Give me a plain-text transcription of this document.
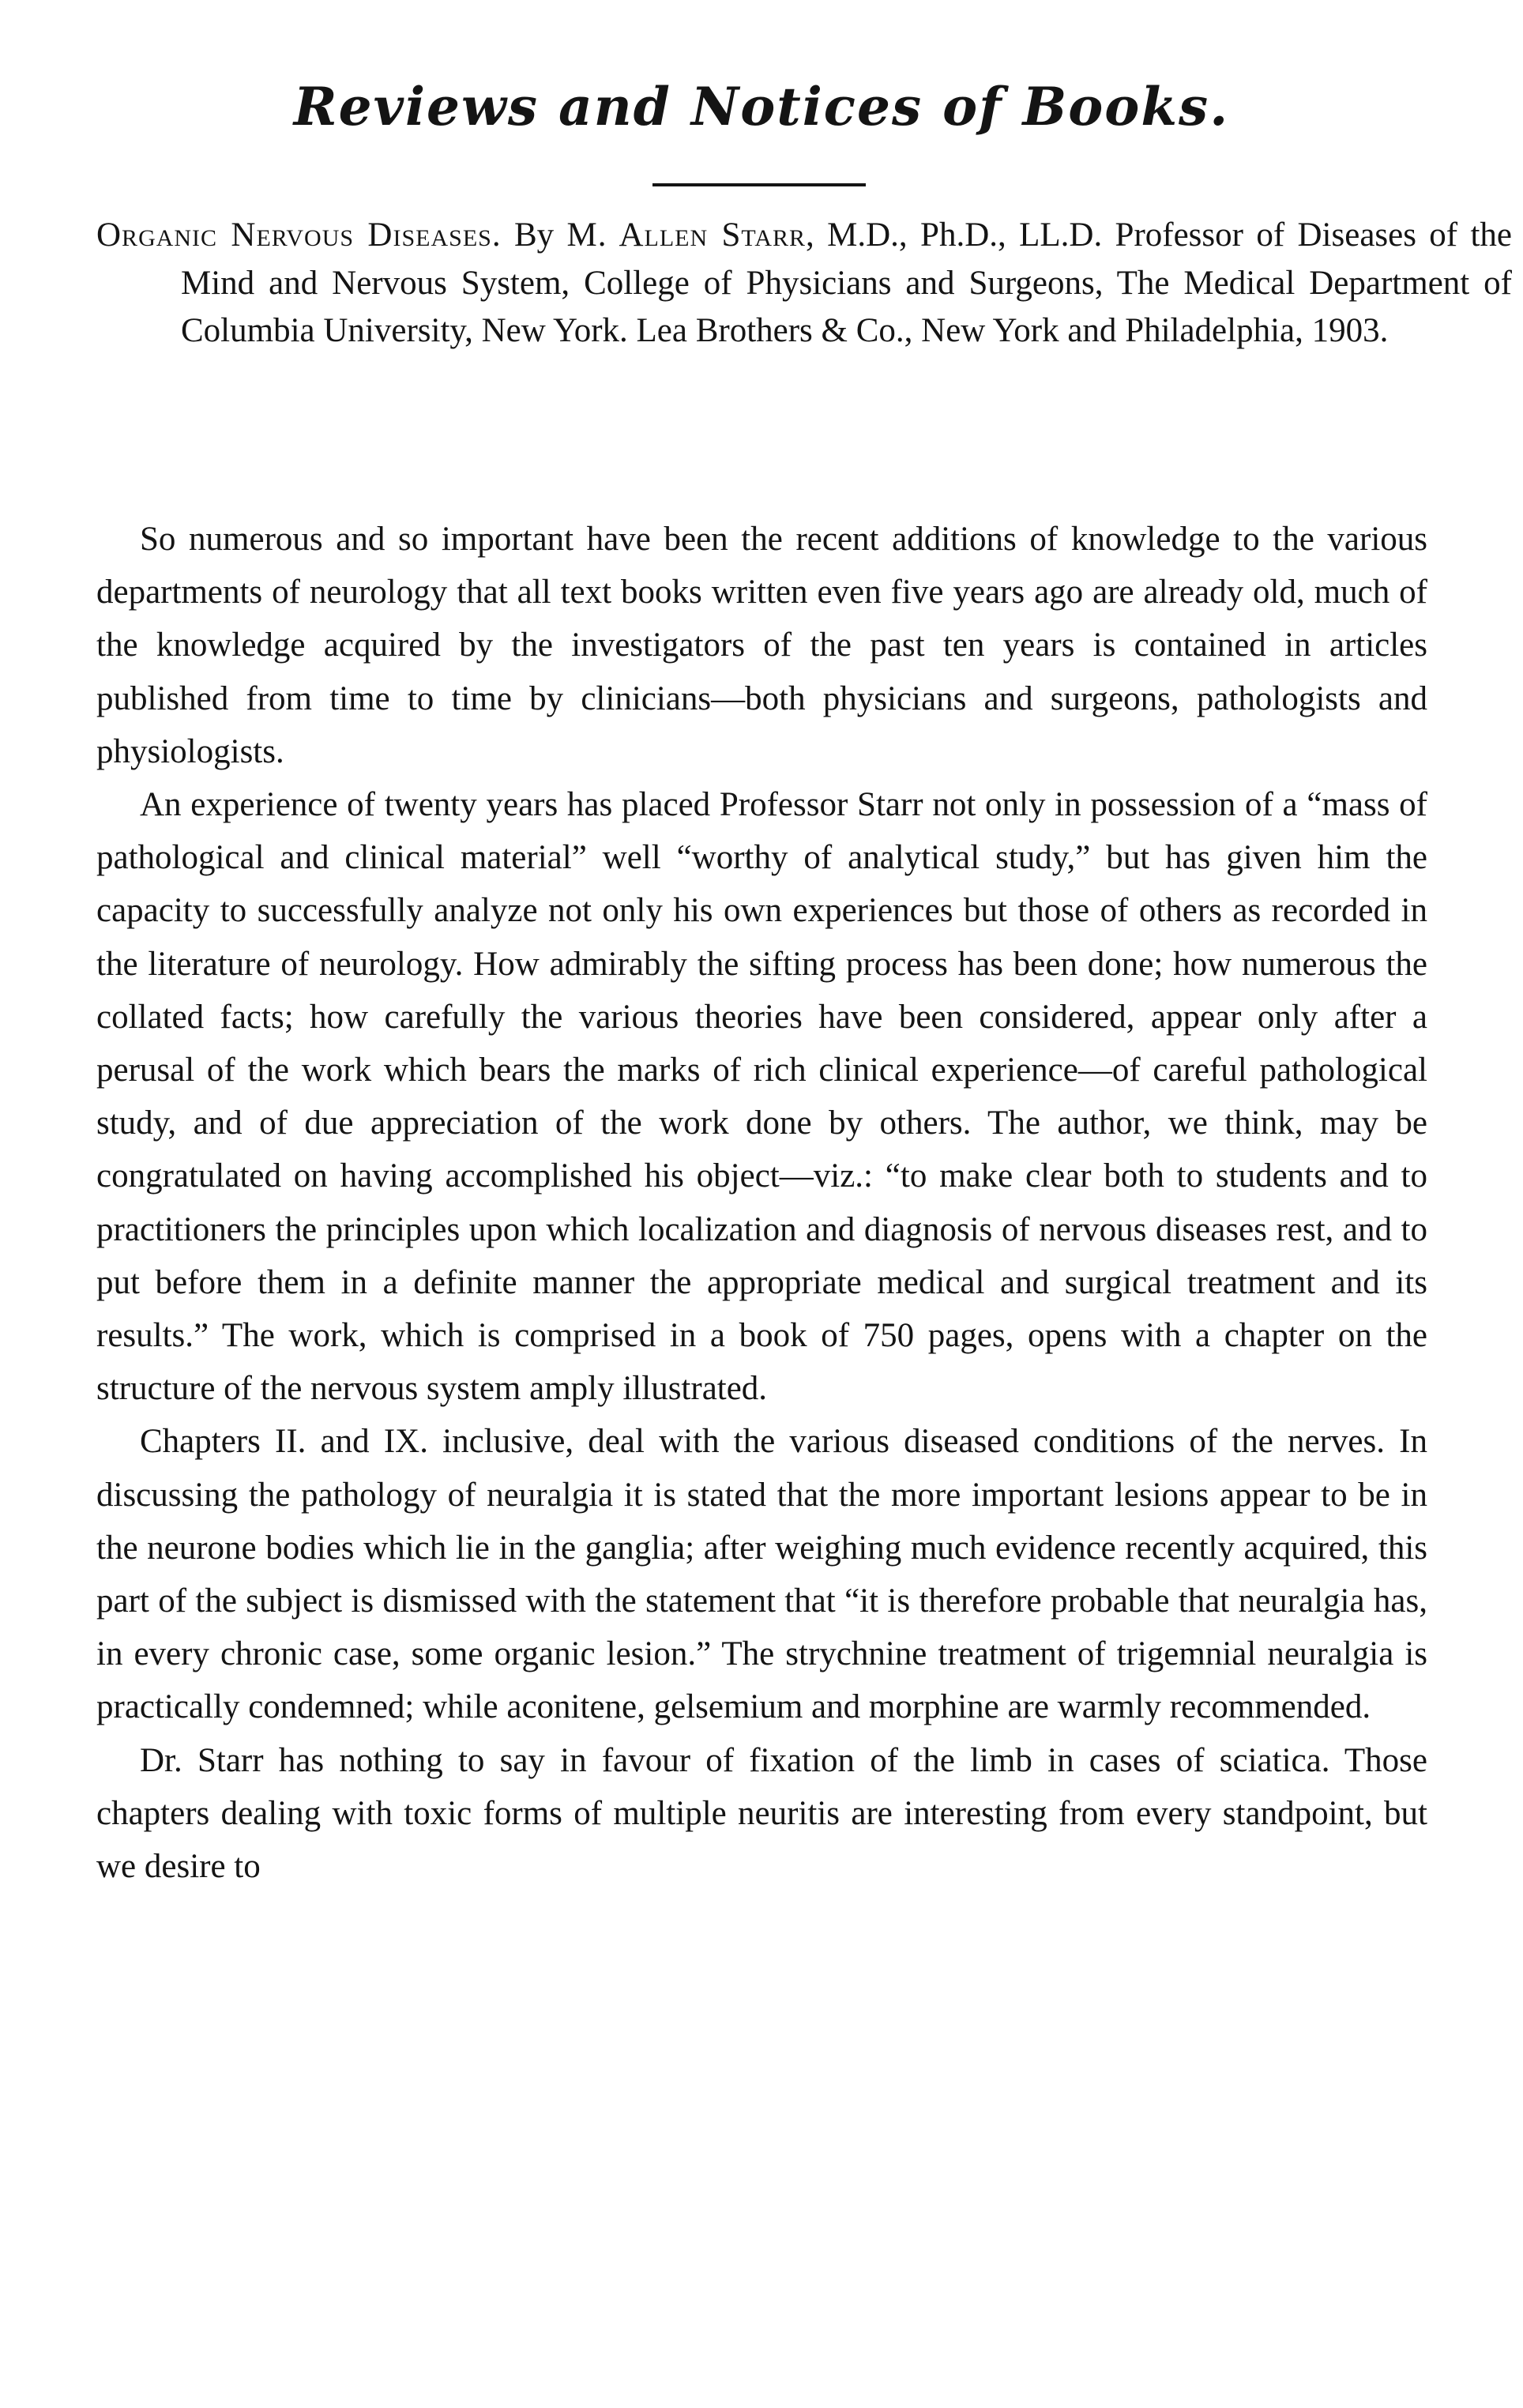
Reviews and Notices of Books.
Organic Nervous Diseases. By M. Allen Starr, M.D., Ph.D., LL.D. Professor of Diseases of the Mind and Nervous System, College of Physicians and Surgeons, The Medical Department of Columbia University, New York. Lea Brothers & Co., New York and Philadelphia, 1903.

So numerous and so important have been the recent additions of knowledge to the various departments of neurology that all text books written even five years ago are already old, much of the knowledge acquired by the investigators of the past ten years is contained in articles published from time to time by clinicians—both physicians and surgeons, pathologists and physiologists.

An experience of twenty years has placed Professor Starr not only in possession of a “mass of pathological and clinical material” well “worthy of analytical study,” but has given him the capacity to successfully analyze not only his own experiences but those of others as recorded in the literature of neurology. How admirably the sifting process has been done; how numerous the collated facts; how carefully the various theories have been considered, appear only after a perusal of the work which bears the marks of rich clinical experience—of careful pathological study, and of due appreciation of the work done by others. The author, we think, may be congratulated on having accomplished his object—viz.: “to make clear both to students and to practitioners the principles upon which localization and diagnosis of nervous diseases rest, and to put before them in a definite manner the appropriate medical and surgical treatment and its results.” The work, which is comprised in a book of 750 pages, opens with a chapter on the structure of the nervous system amply illustrated.

Chapters II. and IX. inclusive, deal with the various diseased conditions of the nerves. In discussing the pathology of neuralgia it is stated that the more important lesions appear to be in the neurone bodies which lie in the ganglia; after weighing much evidence recently acquired, this part of the subject is dismissed with the statement that “it is therefore probable that neuralgia has, in every chronic case, some organic lesion.” The strychnine treatment of trigemnial neuralgia is practically condemned; while aconitene, gelsemium and morphine are warmly recommended.

Dr. Starr has nothing to say in favour of fixation of the limb in cases of sciatica. Those chapters dealing with toxic forms of multiple neuritis are interesting from every standpoint, but we desire to
